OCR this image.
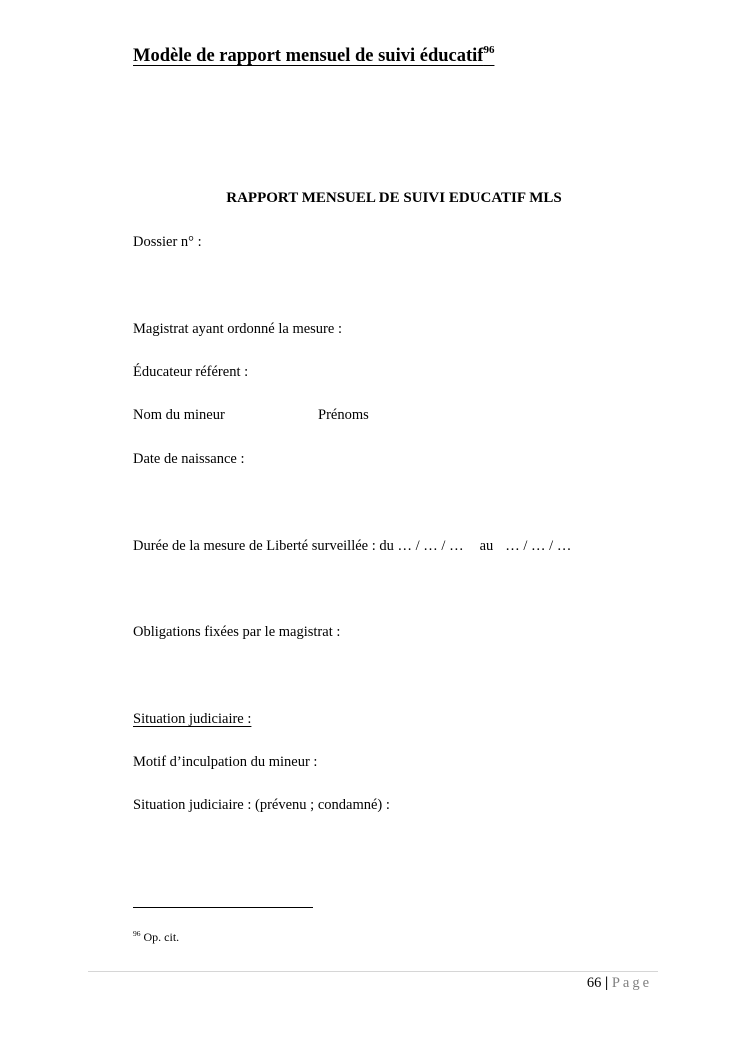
Modèle de rapport mensuel de suivi éducatif$^{96}$
RAPPORT MENSUEL DE SUIVI EDUCATIF MLS
Dossier n° :
Magistrat ayant ordonné la mesure :
Éducateur référent :
Nom du mineur	Prénoms
Date de naissance :
Durée de la mesure de Liberté surveillée : du … / … / … au … / … / …
Obligations fixées par le magistrat :
Situation judiciaire :
Motif d’inculpation du mineur :
Situation judiciaire : (prévenu ; condamné) :
$^{96}$ Op. cit.
66 | Page
